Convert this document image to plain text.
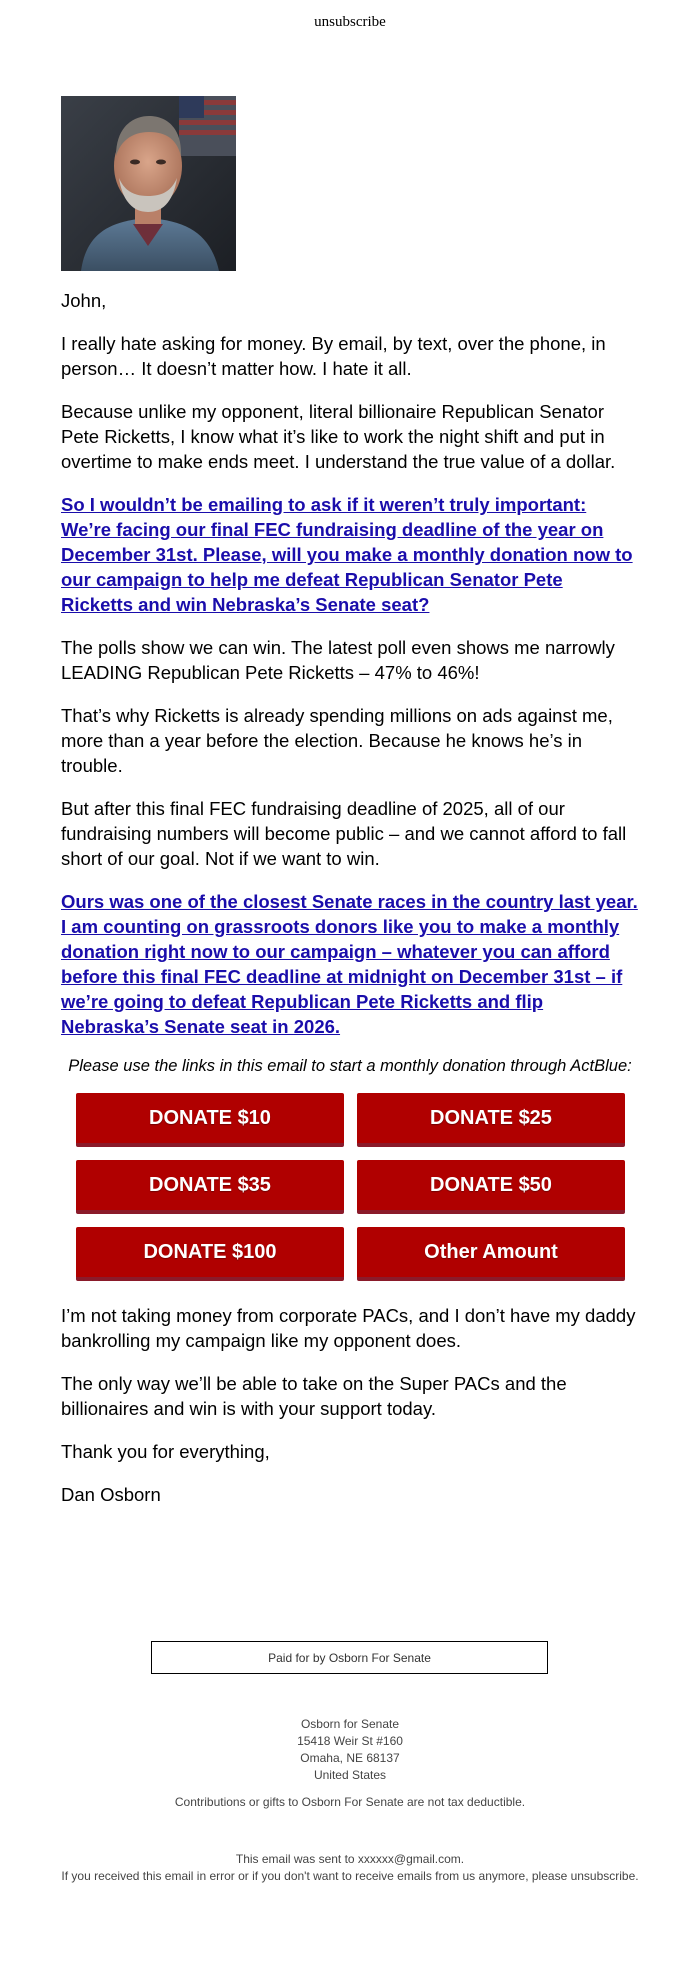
unsubscribe

John,

I really hate asking for money. By email, by text, over the phone, in person… It doesn’t matter how. I hate it all.

Because unlike my opponent, literal billionaire Republican Senator Pete Ricketts, I know what it’s like to work the night shift and put in overtime to make ends meet. I understand the true value of a dollar.

So I wouldn’t be emailing to ask if it weren’t truly important: We’re facing our final FEC fundraising deadline of the year on December 31st. Please, will you make a monthly donation now to our campaign to help me defeat Republican Senator Pete Ricketts and win Nebraska’s Senate seat?

The polls show we can win. The latest poll even shows me narrowly LEADING Republican Pete Ricketts – 47% to 46%!

That’s why Ricketts is already spending millions on ads against me, more than a year before the election. Because he knows he’s in trouble.

But after this final FEC fundraising deadline of 2025, all of our fundraising numbers will become public – and we cannot afford to fall short of our goal. Not if we want to win.

Ours was one of the closest Senate races in the country last year. I am counting on grassroots donors like you to make a monthly donation right now to our campaign – whatever you can afford before this final FEC deadline at midnight on December 31st – if we’re going to defeat Republican Pete Ricketts and flip Nebraska’s Senate seat in 2026.

Please use the links in this email to start a monthly donation through ActBlue:

DONATE $10	DONATE $25
DONATE $35	DONATE $50
DONATE $100	Other Amount

I’m not taking money from corporate PACs, and I don’t have my daddy bankrolling my campaign like my opponent does.

The only way we’ll be able to take on the Super PACs and the billionaires and win is with your support today.

Thank you for everything,

Dan Osborn

Paid for by Osborn For Senate
Osborn for Senate
15418 Weir St #160
Omaha, NE 68137
United States
Contributions or gifts to Osborn For Senate are not tax deductible.
This email was sent to xxxxxx@gmail.com.
If you received this email in error or if you don't want to receive emails from us anymore, please unsubscribe.
